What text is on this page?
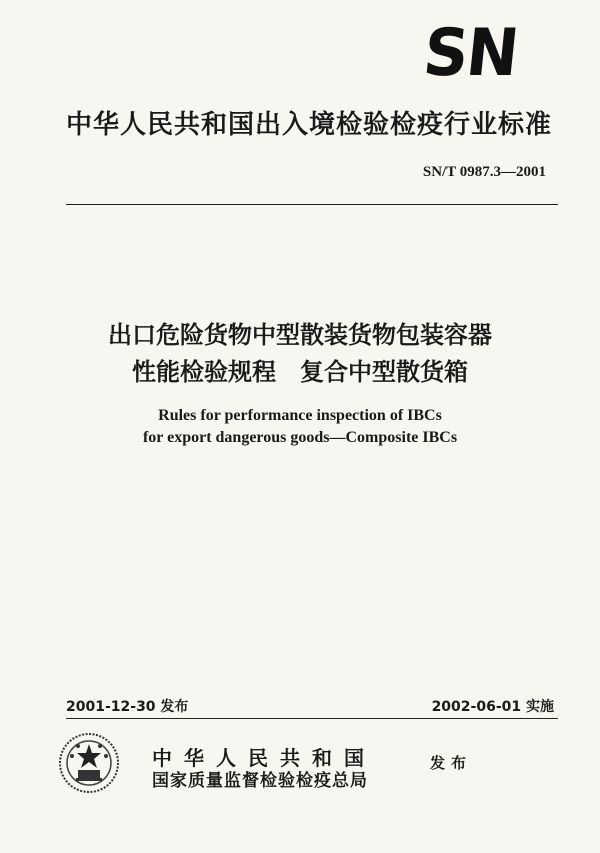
SN
中华人民共和国出入境检验检疫行业标准
SN/T 0987.3—2001
出口危险货物中型散装货物包装容器
性能检验规程　复合中型散货箱
Rules for performance inspection of IBCs
for export dangerous goods—Composite IBCs
2001-12-30 发布	2002-06-01 实施
中华人民共和国
国家质量监督检验检疫总局
发布
